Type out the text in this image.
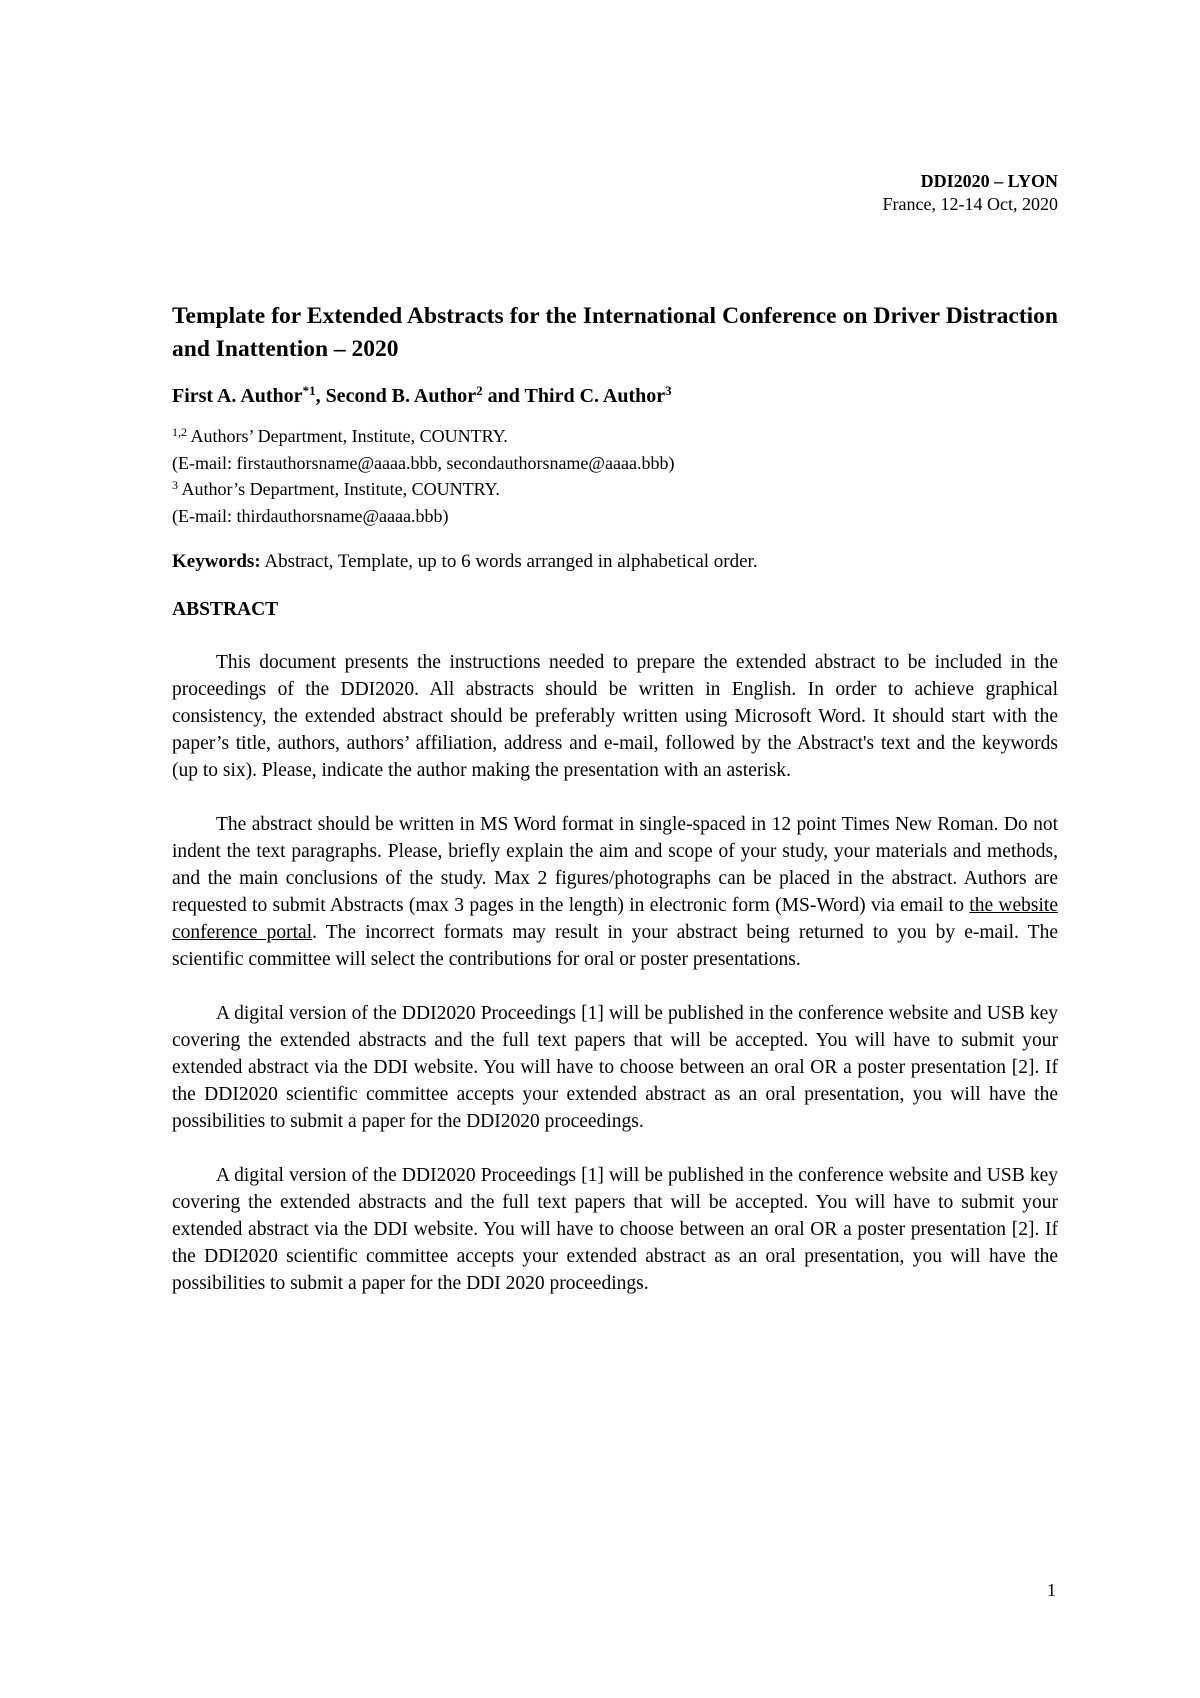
DDI2020 – LYON
France, 12-14 Oct, 2020
Template for Extended Abstracts for the International Conference on Driver Distraction and Inattention – 2020
First A. Author$^{*1}$, Second B. Author$^2$ and Third C. Author$^3$
$^{1,2}$ Authors’ Department, Institute, COUNTRY.
(E-mail: firstauthorsname@aaaa.bbb, secondauthorsname@aaaa.bbb)
$^3$ Author’s Department, Institute, COUNTRY.
(E-mail: thirdauthorsname@aaaa.bbb)
Keywords: Abstract, Template, up to 6 words arranged in alphabetical order.
ABSTRACT

This document presents the instructions needed to prepare the extended abstract to be included in the proceedings of the DDI2020. All abstracts should be written in English. In order to achieve graphical consistency, the extended abstract should be preferably written using Microsoft Word. It should start with the paper’s title, authors, authors’ affiliation, address and e-mail, followed by the Abstract's text and the keywords (up to six). Please, indicate the author making the presentation with an asterisk.

The abstract should be written in MS Word format in single-spaced in 12 point Times New Roman. Do not indent the text paragraphs. Please, briefly explain the aim and scope of your study, your materials and methods, and the main conclusions of the study. Max 2 figures/photographs can be placed in the abstract. Authors are requested to submit Abstracts (max 3 pages in the length) in electronic form (MS-Word) via email to the website conference portal. The incorrect formats may result in your abstract being returned to you by e-mail. The scientific committee will select the contributions for oral or poster presentations.

A digital version of the DDI2020 Proceedings [1] will be published in the conference website and USB key covering the extended abstracts and the full text papers that will be accepted. You will have to submit your extended abstract via the DDI website. You will have to choose between an oral OR a poster presentation [2]. If the DDI2020 scientific committee accepts your extended abstract as an oral presentation, you will have the possibilities to submit a paper for the DDI2020 proceedings.

A digital version of the DDI2020 Proceedings [1] will be published in the conference website and USB key covering the extended abstracts and the full text papers that will be accepted. You will have to submit your extended abstract via the DDI website. You will have to choose between an oral OR a poster presentation [2]. If the DDI2020 scientific committee accepts your extended abstract as an oral presentation, you will have the possibilities to submit a paper for the DDI 2020 proceedings.

1
